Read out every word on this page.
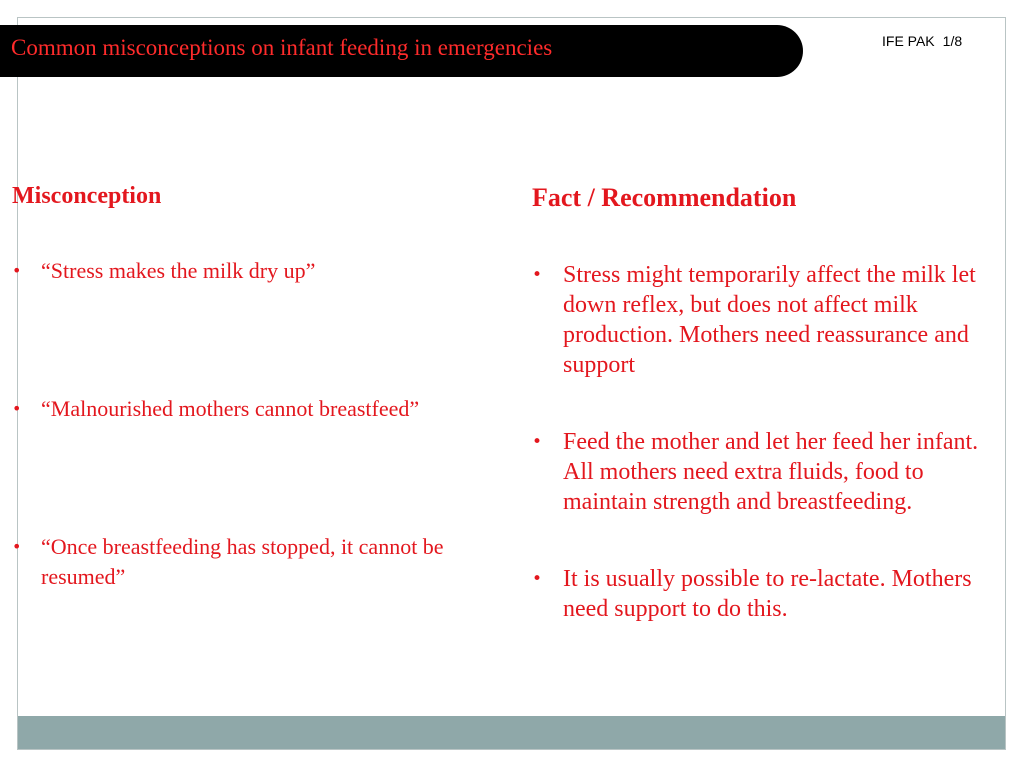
Common misconceptions on infant feeding in emergencies	IFE PAK 1/8
Misconception	Fact / Recommendation
• “Stress makes the milk dry up”
• “Malnourished mothers cannot breastfeed”
• “Once breastfeeding has stopped, it cannot be resumed”
• Stress might temporarily affect the milk let down reflex, but does not affect milk production. Mothers need reassurance and support
• Feed the mother and let her feed her infant. All mothers need extra fluids, food to maintain strength and breastfeeding.
• It is usually possible to re-lactate. Mothers need support to do this.
